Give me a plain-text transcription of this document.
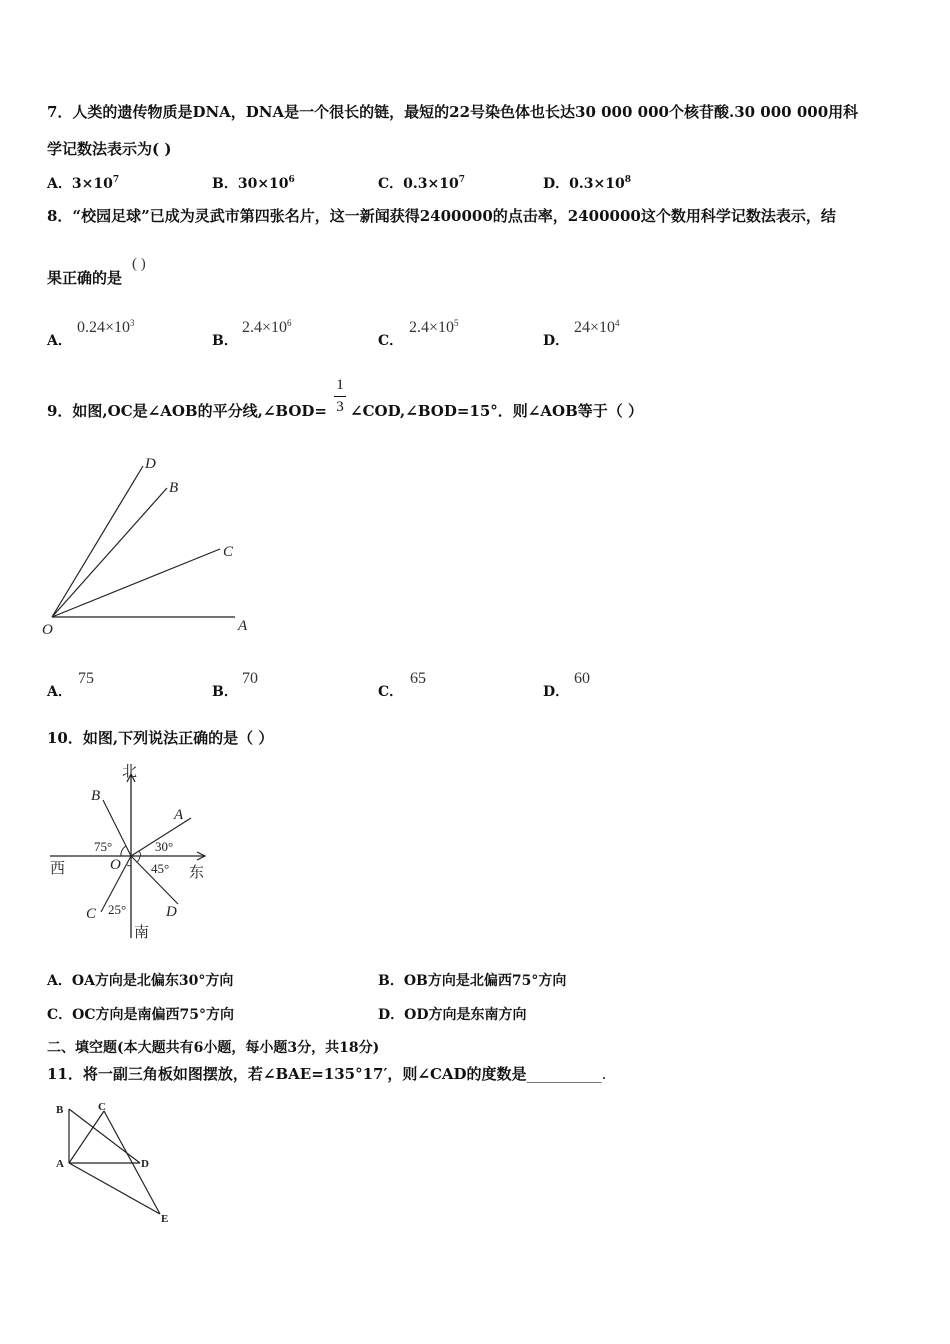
7．人类的遗传物质是DNA，DNA是一个很长的链，最短的22号染色体也长达30 000 000个核苷酸.30 000 000用科
学记数法表示为( )
A．$3\times 10^7$	B．$30\times 10^6$	C．$0.3\times 10^7$	D．$0.3\times 10^8$
8．“校园足球”已成为灵武市第四张名片，这一新闻获得2400000的点击率，2400000这个数用科学记数法表示，结
果正确的是
( )
A．
$0.24\times 10^3$
B．
$2.4\times 10^6$
C．
$2.4\times 10^5$
D．
$24\times 10^4$
9．如图,OC是∠AOB的平分线,∠BOD=
1
3 ∠COD,∠BOD=15°．则∠AOB等于（ ）
D
B
C
O	A
A．
75
B．
70
C．
65
D．
60
10．如图,下列说法正确的是（ ）
北
南
西	东
A
B
C	D
O
75°	30°
45°
25°
A．OA方向是北偏东30°方向	B．OB方向是北偏西75°方向
C．OC方向是南偏西75°方向	D．OD方向是东南方向
二、填空题(本大题共有6小题，每小题3分，共18分)
11．将一副三角板如图摆放，若∠BAE=135°17′，则∠CAD的度数是__________.
B	C
A	D
E
